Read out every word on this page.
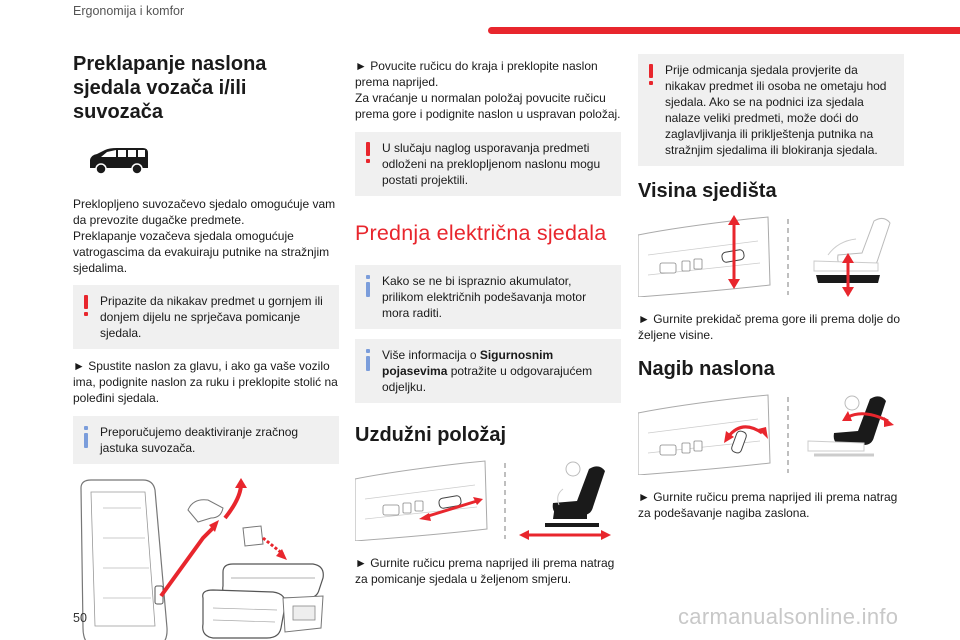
Ergonomija i komfor
Preklapanje naslona sjedala vozača i/ili suvozača

Preklopljeno suvozačevo sjedalo omogućuje vam da prevozite dugačke predmete.

Preklapanje vozačeva sjedala omogućuje vatrogascima da evakuiraju putnike na stražnjim sjedalima.

Pripazite da nikakav predmet u gornjem ili donjem dijelu ne sprječava pomicanje sjedala.

► Spustite naslon za glavu, i ako ga vaše vozilo ima, podignite naslon za ruku i preklopite stolić na poleđini sjedala.

Preporučujemo deaktiviranje zračnog jastuka suvozača.

► Povucite ručicu do kraja i preklopite naslon prema naprijed.

Za vraćanje u normalan položaj povucite ručicu prema gore i podignite naslon u uspravan položaj.

U slučaju naglog usporavanja predmeti odloženi na preklopljenom naslonu mogu postati projektili.
Prednja električna sjedala
Kako se ne bi ispraznio akumulator, prilikom električnih podešavanja motor mora raditi.
Više informacija o Sigurnosnim pojasevima potražite u odgovarajućem odjeljku.
Uzdužni položaj

► Gurnite ručicu prema naprijed ili prema natrag za pomicanje sjedala u željenom smjeru.

Prije odmicanja sjedala provjerite da nikakav predmet ili osoba ne ometaju hod sjedala. Ako se na podnici iza sjedala nalaze veliki predmeti, može doći do zaglavljivanja ili priklještenja putnika na stražnjim sjedalima ili blokiranja sjedala.
Visina sjedišta

► Gurnite prekidač prema gore ili prema dolje do željene visine.

Nagib naslona

► Gurnite ručicu prema naprijed ili prema natrag za podešavanje nagiba zaslona.

50	carmanualsonline.info
